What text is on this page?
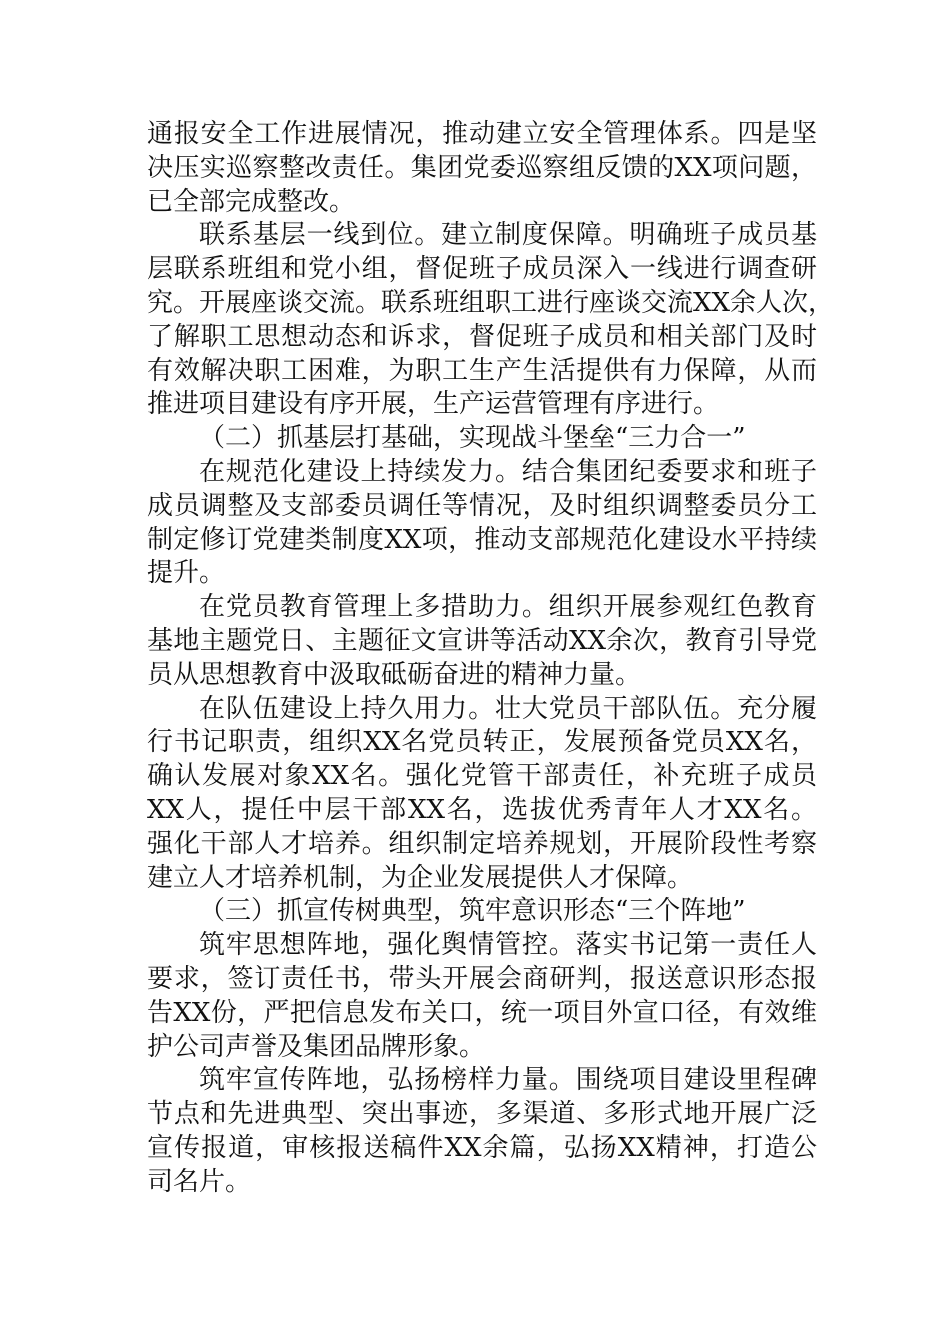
通报安全工作进展情况，推动建立安全管理体系。四是坚
决压实巡察整改责任。集团党委巡察组反馈的XX项问题，
已全部完成整改。
联系基层一线到位。建立制度保障。明确班子成员基
层联系班组和党小组，督促班子成员深入一线进行调查研
究。开展座谈交流。联系班组职工进行座谈交流XX余人次，
了解职工思想动态和诉求，督促班子成员和相关部门及时
有效解决职工困难，为职工生产生活提供有力保障，从而
推进项目建设有序开展，生产运营管理有序进行。
（二）抓基层打基础，实现战斗堡垒“三力合一”
在规范化建设上持续发力。结合集团纪委要求和班子
成员调整及支部委员调任等情况，及时组织调整委员分工
制定修订党建类制度XX项，推动支部规范化建设水平持续
提升。
在党员教育管理上多措助力。组织开展参观红色教育
基地主题党日、主题征文宣讲等活动XX余次，教育引导党
员从思想教育中汲取砥砺奋进的精神力量。
在队伍建设上持久用力。壮大党员干部队伍。充分履
行书记职责，组织XX名党员转正，发展预备党员XX名，
确认发展对象XX名。强化党管干部责任，补充班子成员
XX人，提任中层干部XX名，选拔优秀青年人才XX名。
强化干部人才培养。组织制定培养规划，开展阶段性考察
建立人才培养机制，为企业发展提供人才保障。
（三）抓宣传树典型，筑牢意识形态“三个阵地”
筑牢思想阵地，强化舆情管控。落实书记第一责任人
要求，签订责任书，带头开展会商研判，报送意识形态报
告XX份，严把信息发布关口，统一项目外宣口径，有效维
护公司声誉及集团品牌形象。
筑牢宣传阵地，弘扬榜样力量。围绕项目建设里程碑
节点和先进典型、突出事迹，多渠道、多形式地开展广泛
宣传报道，审核报送稿件XX余篇，弘扬XX精神，打造公
司名片。
